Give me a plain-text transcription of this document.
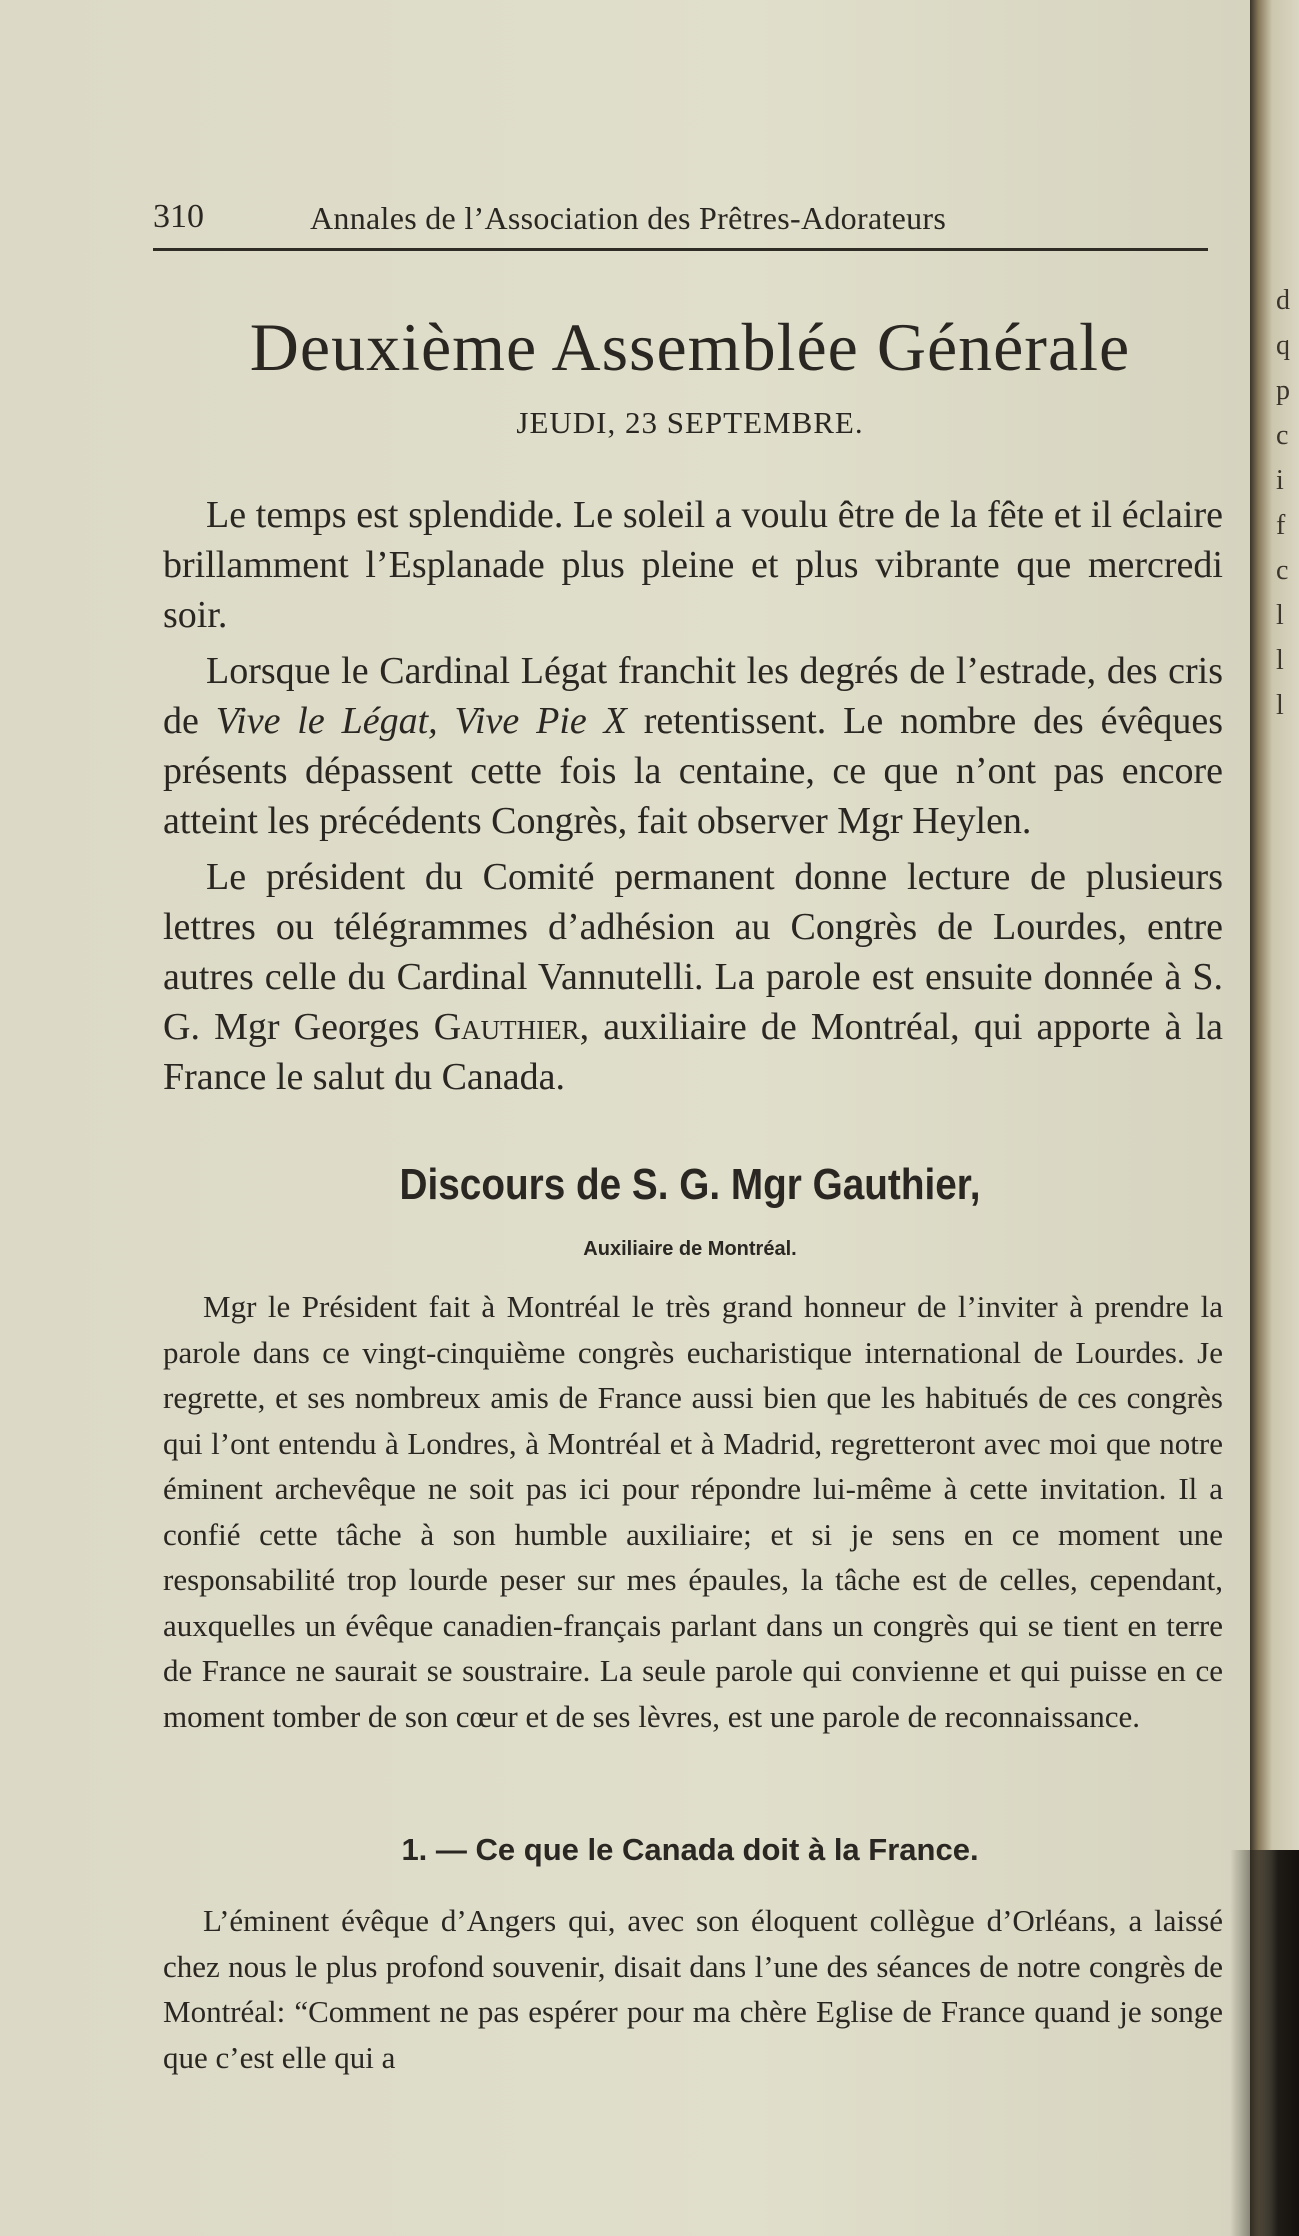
310	Annales de l’Association des Prêtres-Adorateurs
Deuxième Assemblée Générale
JEUDI, 23 SEPTEMBRE.

Le temps est splendide. Le soleil a voulu être de la fête et il éclaire brillamment l’Esplanade plus pleine et plus vibrante que mercredi soir.

Lorsque le Cardinal Légat franchit les degrés de l’estrade, des cris de Vive le Légat, Vive Pie X retentissent. Le nombre des évêques présents dépassent cette fois la centaine, ce que n’ont pas encore atteint les précédents Congrès, fait observer Mgr Heylen.

Le président du Comité permanent donne lecture de plusieurs lettres ou télégrammes d’adhésion au Congrès de Lourdes, entre autres celle du Cardinal Vannutelli. La parole est ensuite donnée à S. G. Mgr Georges Gauthier, auxiliaire de Montréal, qui apporte à la France le salut du Canada.

Discours de S. G. Mgr Gauthier,
Auxiliaire de Montréal.

Mgr le Président fait à Montréal le très grand honneur de l’inviter à prendre la parole dans ce vingt-cinquième congrès eucharistique international de Lourdes. Je regrette, et ses nombreux amis de France aussi bien que les habitués de ces congrès qui l’ont entendu à Londres, à Montréal et à Madrid, regretteront avec moi que notre éminent archevêque ne soit pas ici pour répondre lui-même à cette invitation. Il a confié cette tâche à son humble auxiliaire; et si je sens en ce moment une responsabilité trop lourde peser sur mes épaules, la tâche est de celles, cependant, auxquelles un évêque canadien-français parlant dans un congrès qui se tient en terre de France ne saurait se soustraire. La seule parole qui convienne et qui puisse en ce moment tomber de son cœur et de ses lèvres, est une parole de reconnaissance.

1. — Ce que le Canada doit à la France.

L’éminent évêque d’Angers qui, avec son éloquent collègue d’Orléans, a laissé chez nous le plus profond souvenir, disait dans l’une des séances de notre congrès de Montréal: “Comment ne pas espérer pour ma chère Eglise de France quand je songe que c’est elle qui a

d
q
p
c
i
f
c
l
l
l
